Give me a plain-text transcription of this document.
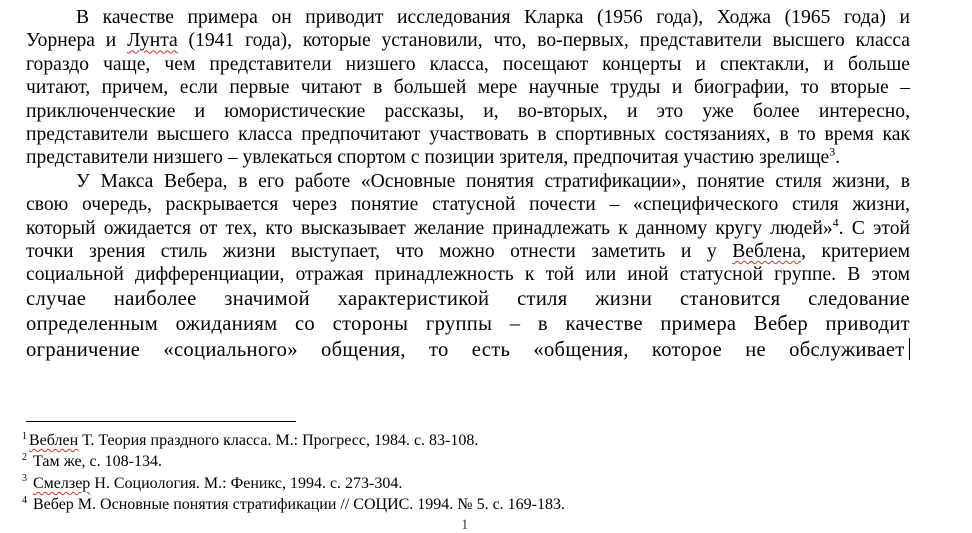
В качестве примера он приводит исследования Кларка (1956 года), Ходжа (1965 года) и
Уорнера и Лунта (1941 года), которые установили, что, во-первых, представители высшего класса
гораздо чаще, чем представители низшего класса, посещают концерты и спектакли, и больше
читают, причем, если первые читают в большей мере научные труды и биографии, то вторые –
приключенческие и юмористические рассказы, и, во-вторых, и это уже более интересно,
представители высшего класса предпочитают участвовать в спортивных состязаниях, в то время как
представители низшего – увлекаться спортом с позиции зрителя, предпочитая участию зрелище$^3$.
У Макса Вебера, в его работе «Основные понятия стратификации», понятие стиля жизни, в
свою очередь, раскрывается через понятие статусной почести – «специфического стиля жизни,
который ожидается от тех, кто высказывает желание принадлежать к данному кругу людей»$^4$. С этой
точки зрения стиль жизни выступает, что можно отнести заметить и у Веблена, критерием
социальной дифференциации, отражая принадлежность к той или иной статусной группе. В этом
случае наиболее значимой характеристикой стиля жизни становится следование
определенным ожиданиям со стороны группы – в качестве примера Вебер приводит
ограничение «социального» общения, то есть «общения, которое не обслуживает
$^1$ Веблен Т. Теория праздного класса. М.: Прогресс, 1984. с. 83-108.
$^2$ Там же, с. 108-134.
$^3$ Смелзер Н. Социология. М.: Феникс, 1994. с. 273-304.
$^4$ Вебер М. Основные понятия стратификации // СОЦИС. 1994. № 5. с. 169-183.
1
